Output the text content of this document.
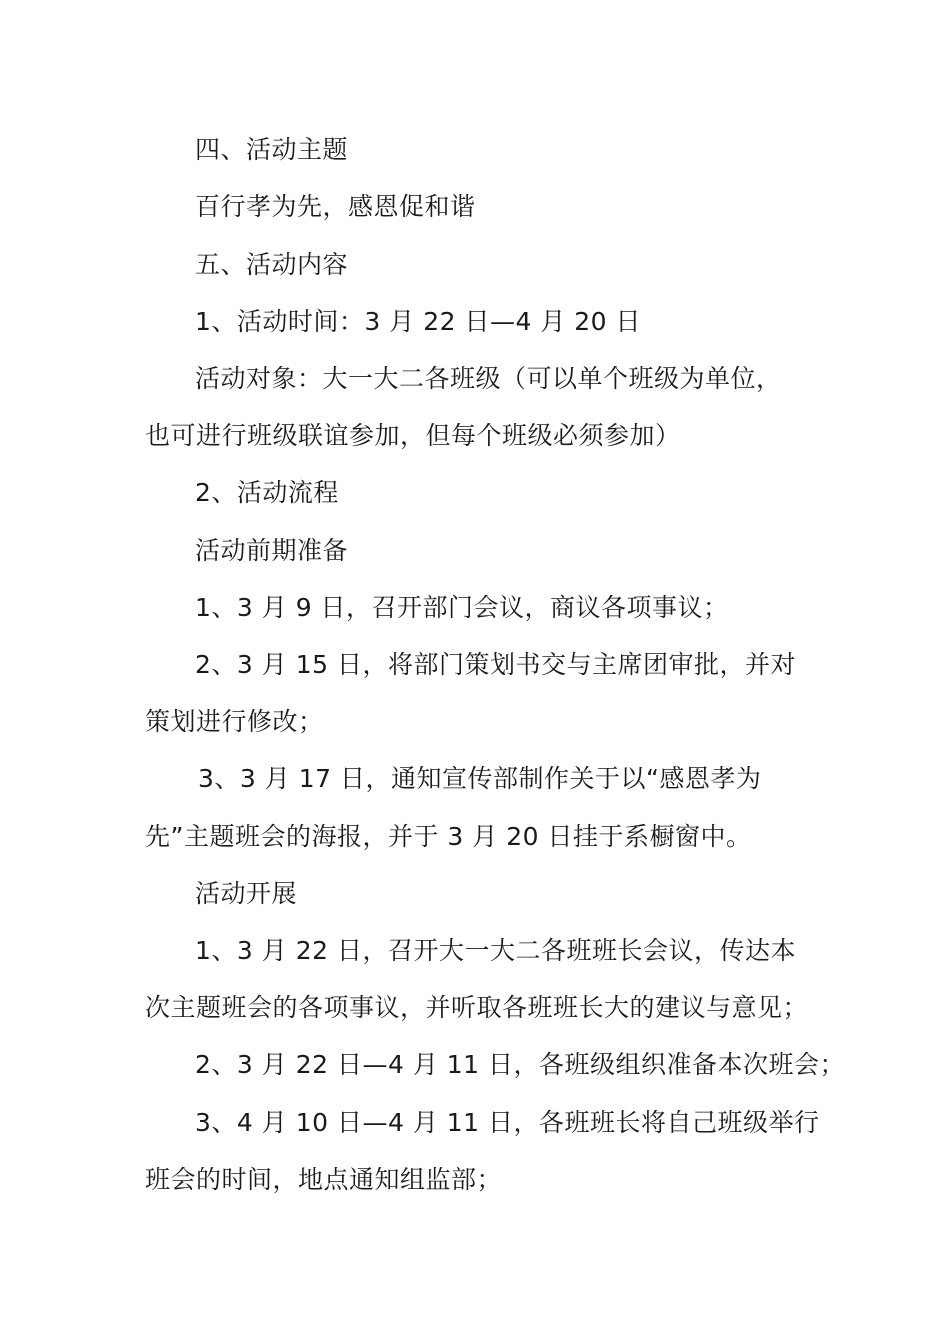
四、活动主题
百行孝为先，感恩促和谐
五、活动内容
1、活动时间：3 月 22 日—4 月 20 日
活动对象：大一大二各班级（可以单个班级为单位，
也可进行班级联谊参加，但每个班级必须参加）
2、活动流程
活动前期准备
1、3 月 9 日，召开部门会议，商议各项事议；
2、3 月 15 日，将部门策划书交与主席团审批，并对
策划进行修改；
3、3 月 17 日，通知宣传部制作关于以“感恩孝为
先”主题班会的海报，并于 3 月 20 日挂于系橱窗中。
活动开展
1、3 月 22 日，召开大一大二各班班长会议，传达本
次主题班会的各项事议，并听取各班班长大的建议与意见；
2、3 月 22 日—4 月 11 日，各班级组织准备本次班会；
3、4 月 10 日—4 月 11 日，各班班长将自己班级举行
班会的时间，地点通知组监部；
